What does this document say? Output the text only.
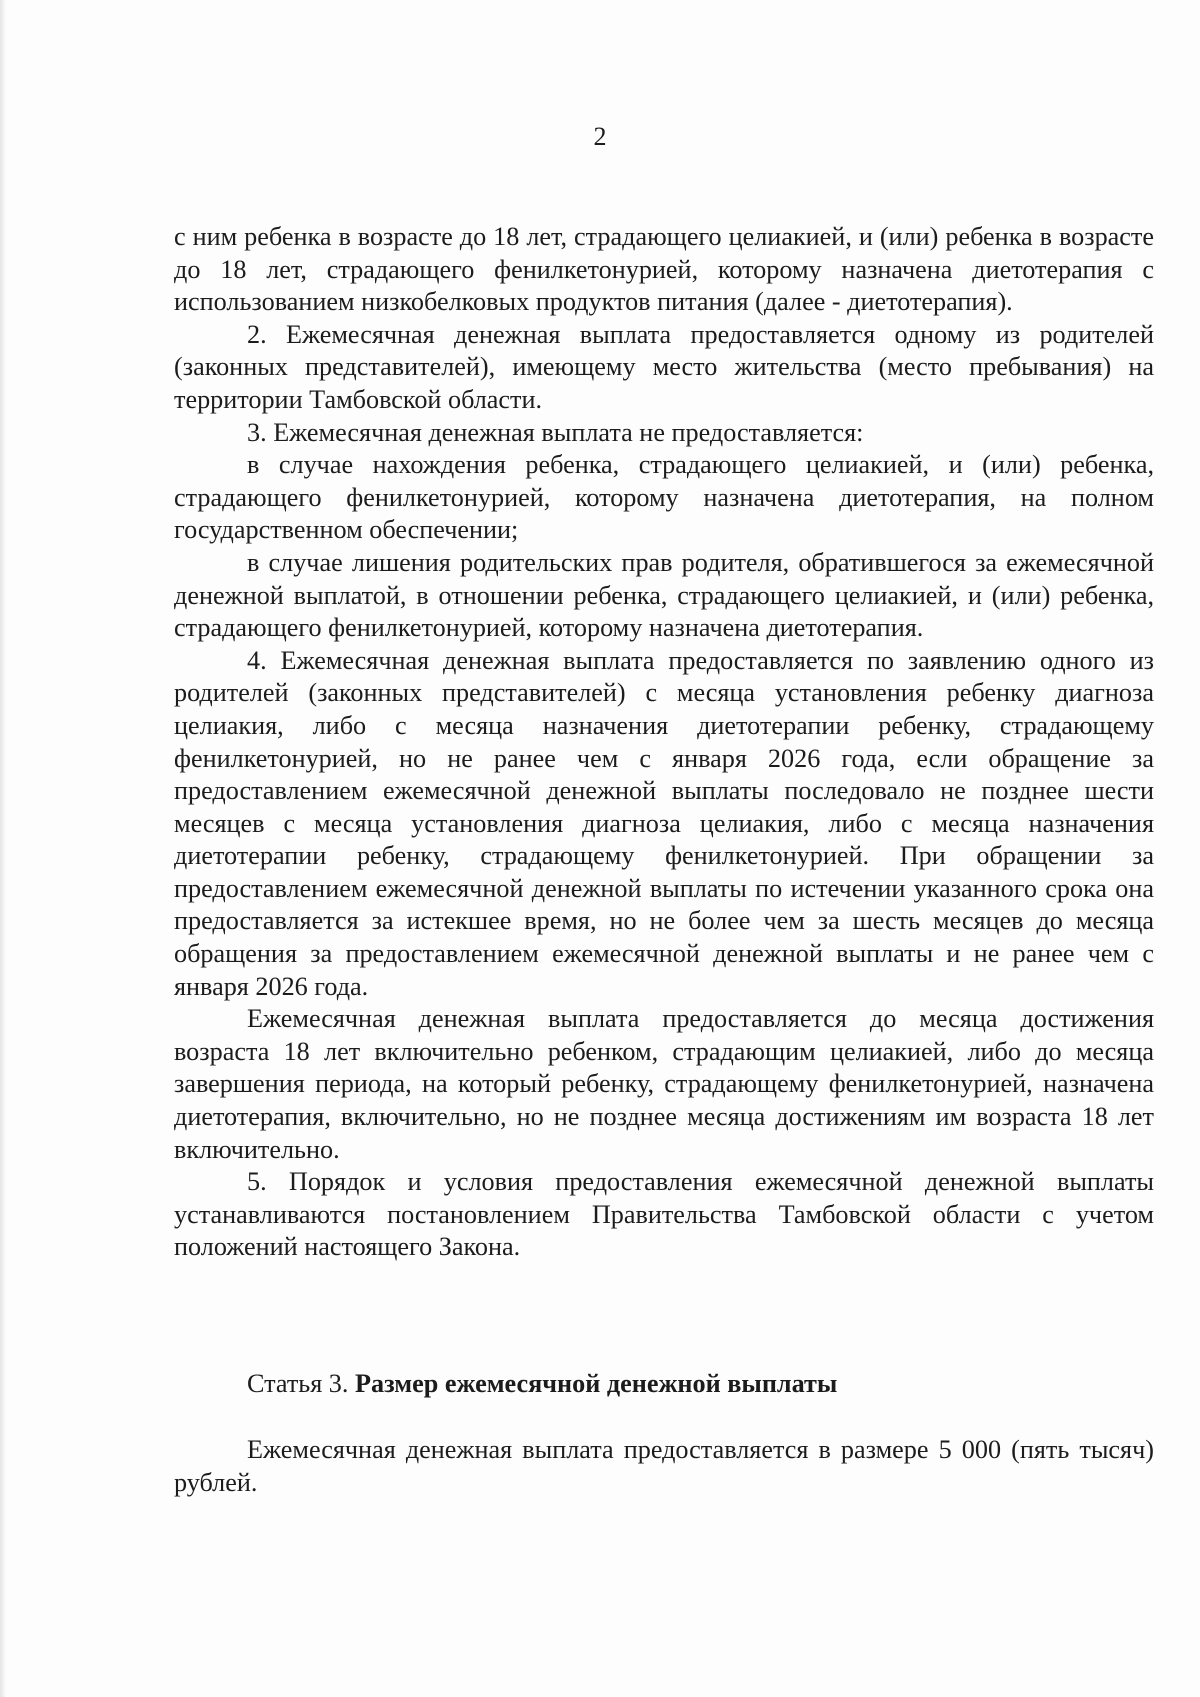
2

с ним ребенка в возрасте до 18 лет, страдающего целиакией, и (или) ребенка в возрасте до 18 лет, страдающего фенилкетонурией, которому назначена диетотерапия с использованием низкобелковых продуктов питания (далее - диетотерапия).

2. Ежемесячная денежная выплата предоставляется одному из родителей (законных представителей), имеющему место жительства (место пребывания) на территории Тамбовской области.

3. Ежемесячная денежная выплата не предоставляется:

в случае нахождения ребенка, страдающего целиакией, и (или) ребенка, страдающего фенилкетонурией, которому назначена диетотерапия, на полном государственном обеспечении;

в случае лишения родительских прав родителя, обратившегося за ежемесячной денежной выплатой, в отношении ребенка, страдающего целиакией, и (или) ребенка, страдающего фенилкетонурией, которому назначена диетотерапия.

4. Ежемесячная денежная выплата предоставляется по заявлению одного из родителей (законных представителей) с месяца установления ребенку диагноза целиакия, либо с месяца назначения диетотерапии ребенку, страдающему фенилкетонурией, но не ранее чем с января 2026 года, если обращение за предоставлением ежемесячной денежной выплаты последовало не позднее шести месяцев с месяца установления диагноза целиакия, либо с месяца назначения диетотерапии ребенку, страдающему фенилкетонурией. При обращении за предоставлением ежемесячной денежной выплаты по истечении указанного срока она предоставляется за истекшее время, но не более чем за шесть месяцев до месяца обращения за предоставлением ежемесячной денежной выплаты и не ранее чем с января 2026 года.

Ежемесячная денежная выплата предоставляется до месяца достижения возраста 18 лет включительно ребенком, страдающим целиакией, либо до месяца завершения периода, на который ребенку, страдающему фенилкетонурией, назначена диетотерапия, включительно, но не позднее месяца достижениям им возраста 18 лет включительно.

5. Порядок и условия предоставления ежемесячной денежной выплаты устанавливаются постановлением Правительства Тамбовской области с учетом положений настоящего Закона.

Статья 3. Размер ежемесячной денежной выплаты

Ежемесячная денежная выплата предоставляется в размере 5 000 (пять тысяч) рублей.
